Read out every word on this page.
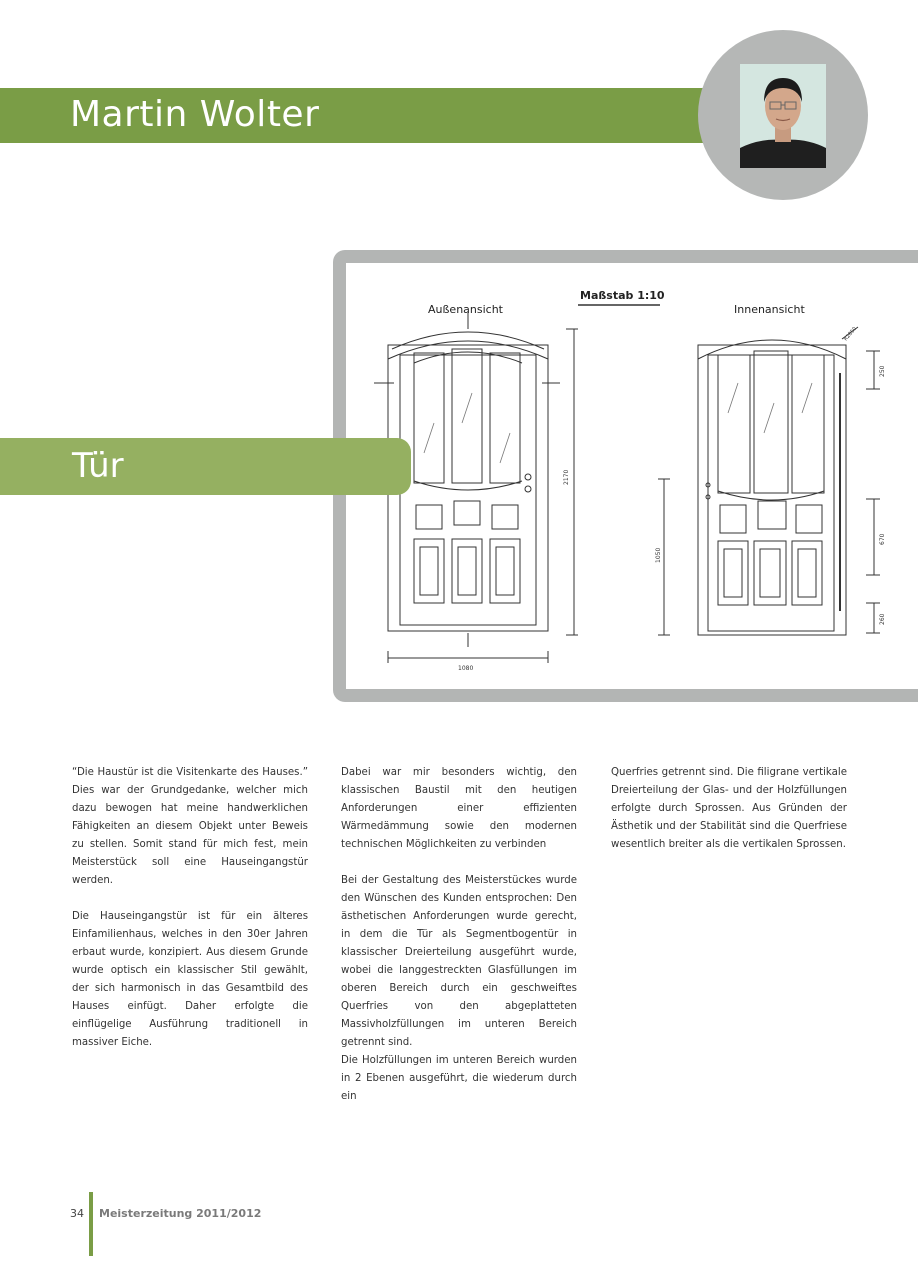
Martin Wolter
Maßstab 1:10
Außenansicht	Innenansicht
1080
2170
1050
250
670
260
R2850
Tür

“Die Haustür ist die Visitenkarte des Hauses.” Dies war der Grundgedanke, welcher mich dazu bewogen hat meine handwerklichen Fähigkeiten an diesem Objekt unter Beweis zu stellen. Somit stand für mich fest, mein Meisterstück soll eine Hauseingangstür werden.

Die Hauseingangstür ist für ein älteres Einfamilienhaus, welches in den 30er Jahren erbaut wurde, konzipiert. Aus diesem Grunde wurde optisch ein klassischer Stil gewählt, der sich harmonisch in das Gesamtbild des Hauses einfügt. Daher erfolgte die einflügelige Ausführung traditionell in massiver Eiche.

Dabei war mir besonders wichtig, den klassischen Baustil mit den heutigen Anforderungen einer effizienten Wärmedämmung sowie den modernen technischen Möglichkeiten zu verbinden

Bei der Gestaltung des Meisterstückes wurde den Wünschen des Kunden entsprochen: Den ästhetischen Anforderungen wurde gerecht, in dem die Tür als Segmentbogentür in klassischer Dreierteilung ausgeführt wurde, wobei die langgestreckten Glasfüllungen im oberen Bereich durch ein geschweiftes Querfries von den abgeplatteten Massivholzfüllungen im unteren Bereich getrennt sind.

Die Holzfüllungen im unteren Bereich wurden in 2 Ebenen ausgeführt, die wiederum durch ein

Querfries getrennt sind. Die filigrane vertikale Dreierteilung der Glas- und der Holzfüllungen erfolgte durch Sprossen. Aus Gründen der Ästhetik und der Stabilität sind die Querfriese wesentlich breiter als die vertikalen Sprossen.

34 Meisterzeitung 2011/2012
